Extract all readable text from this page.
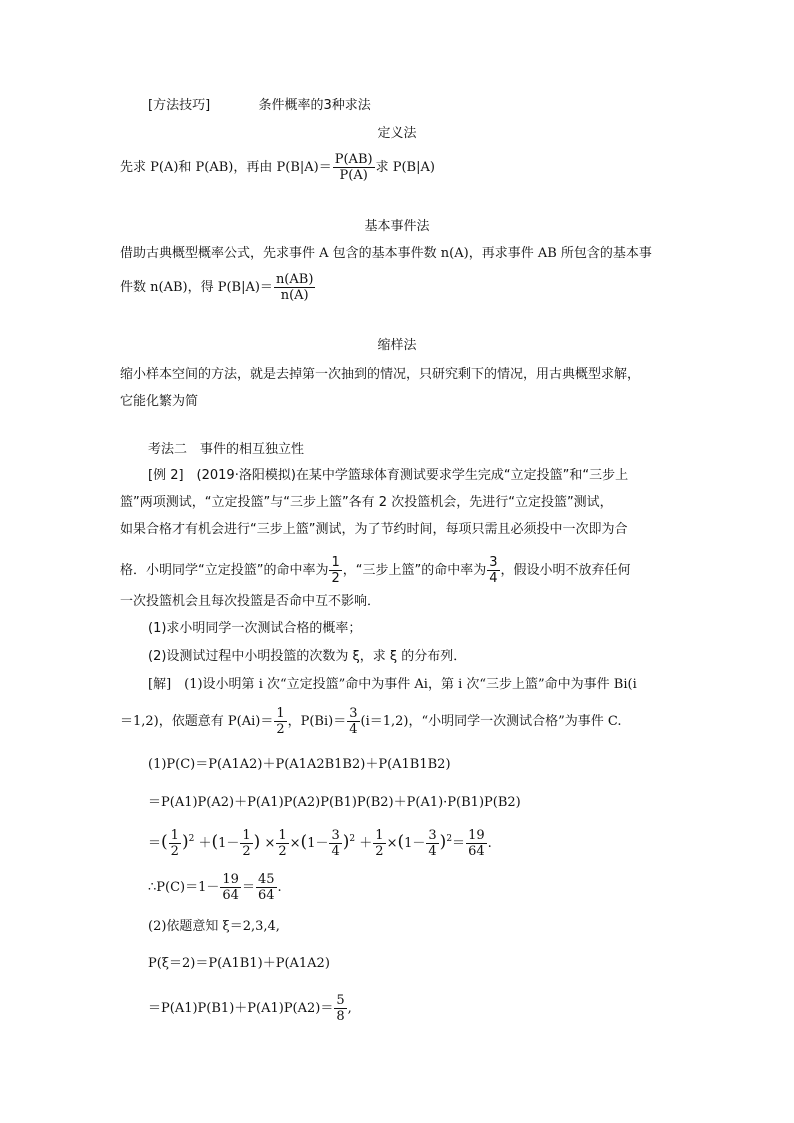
[方法技巧]	条件概率的3种求法
定义法
先求 P(A)和 P(AB)，再由 $P(B|A)= \frac{P(AB)}{P(A)}$ 求 P(B|A)
基本事件法
借助古典概型概率公式，先求事件 A 包含的基本事件数 n(A)，再求事件 AB 所包含的基本事
件数 n(AB)，得 $P(B|A)= \frac{n(AB)}{n(A)}$
缩样法
缩小样本空间的方法，就是去掉第一次抽到的情况，只研究剩下的情况，用古典概型求解，
它能化繁为简
考法二　事件的相互独立性
[例 2]　(2019·洛阳模拟)在某中学篮球体育测试要求学生完成“立定投篮”和“三步上
篮”两项测试，“立定投篮”与“三步上篮”各有 2 次投篮机会，先进行“立定投篮”测试，
如果合格才有机会进行“三步上篮”测试，为了节约时间，每项只需且必须投中一次即为合
格．小明同学“立定投篮”的命中率为 $\frac{1}{2}$ ，“三步上篮”的命中率为 $\frac{3}{4}$ ，假设小明不放弃任何
一次投篮机会且每次投篮是否命中互不影响．
(1)求小明同学一次测试合格的概率；
(2)设测试过程中小明投篮的次数为 ξ，求 ξ 的分布列．
[解]　(1)设小明第 i 次“立定投篮”命中为事件 Ai，第 i 次“三步上篮”命中为事件 Bi(i
＝1,2)，依题意有 $P(Ai)= \frac{1}{2}$ ，$P(Bi)= \frac{3}{4} (i=1,2)$，“小明同学一次测试合格”为事件 C.
(1)P(C)＝P(A1A2)＋P(A1A2B1B2)＋P(A1B1B2)
＝P(A1)P(A2)＋P(A1)P(A2)P(B1)P(B2)＋P(A1)·P(B1)P(B2)
＝( $\frac{1}{2} )^2 +(1- \frac{1}{2}$ ) × $\frac{1}{2} \times(1- \frac{3}{4} )^2 + \frac{1}{2} \times(1- \frac{3}{4} )^2= \frac{19}{64}$ .
∴P(C)＝1－ $\frac{19}{64} = \frac{45}{64}$ .
(2)依题意知 ξ＝2,3,4,
P(ξ＝2)＝P(A1B1)＋P(A1A2)
$=P(A1)P(B1)+P(A1)P(A2)= \frac{5}{8}$ ,
